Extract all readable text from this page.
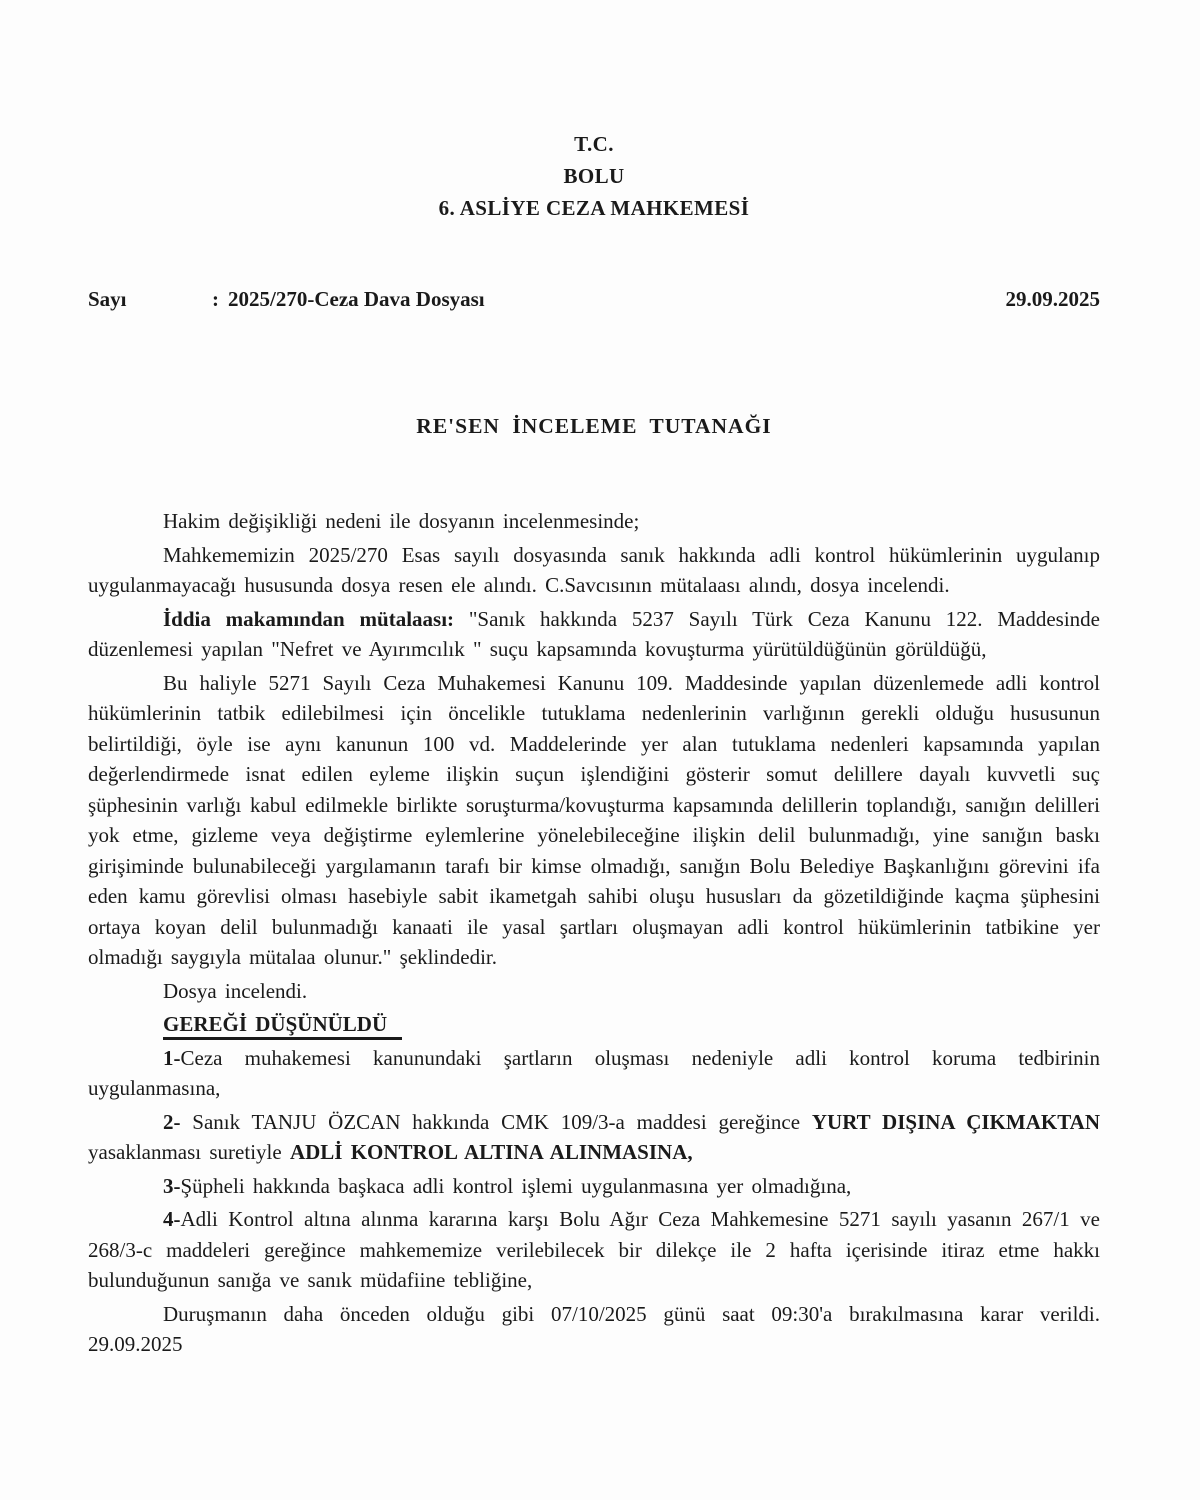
T.C.
BOLU
6. ASLİYE CEZA MAHKEMESİ
Sayı	: 2025/270-Ceza Dava Dosyası	29.09.2025
RE'SEN İNCELEME TUTANAĞI

Hakim değişikliği nedeni ile dosyanın incelenmesinde;

Mahkememizin 2025/270 Esas sayılı dosyasında sanık hakkında adli kontrol hükümlerinin uygulanıp uygulanmayacağı hususunda dosya resen ele alındı. C.Savcısının mütalaası alındı, dosya incelendi.

İddia makamından mütalaası: "Sanık hakkında 5237 Sayılı Türk Ceza Kanunu 122. Maddesinde düzenlemesi yapılan "Nefret ve Ayırımcılık " suçu kapsamında kovuşturma yürütüldüğünün görüldüğü,

Bu haliyle 5271 Sayılı Ceza Muhakemesi Kanunu 109. Maddesinde yapılan düzenlemede adli kontrol hükümlerinin tatbik edilebilmesi için öncelikle tutuklama nedenlerinin varlığının gerekli olduğu hususunun belirtildiği, öyle ise aynı kanunun 100 vd. Maddelerinde yer alan tutuklama nedenleri kapsamında yapılan değerlendirmede isnat edilen eyleme ilişkin suçun işlendiğini gösterir somut delillere dayalı kuvvetli suç şüphesinin varlığı kabul edilmekle birlikte soruşturma/kovuşturma kapsamında delillerin toplandığı, sanığın delilleri yok etme, gizleme veya değiştirme eylemlerine yönelebileceğine ilişkin delil bulunmadığı, yine sanığın baskı girişiminde bulunabileceği yargılamanın tarafı bir kimse olmadığı, sanığın Bolu Belediye Başkanlığını görevini ifa eden kamu görevlisi olması hasebiyle sabit ikametgah sahibi oluşu hususları da gözetildiğinde kaçma şüphesini ortaya koyan delil bulunmadığı kanaati ile yasal şartları oluşmayan adli kontrol hükümlerinin tatbikine yer olmadığı saygıyla mütalaa olunur." şeklindedir.

Dosya incelendi.

GEREĞİ DÜŞÜNÜLDÜ

1-Ceza muhakemesi kanunundaki şartların oluşması nedeniyle adli kontrol koruma tedbirinin uygulanmasına,

2- Sanık TANJU ÖZCAN hakkında CMK 109/3-a maddesi gereğince YURT DIŞINA ÇIKMAKTAN yasaklanması suretiyle ADLİ KONTROL ALTINA ALINMASINA,

3-Şüpheli hakkında başkaca adli kontrol işlemi uygulanmasına yer olmadığına,

4-Adli Kontrol altına alınma kararına karşı Bolu Ağır Ceza Mahkemesine 5271 sayılı yasanın 267/1 ve 268/3-c maddeleri gereğince mahkememize verilebilecek bir dilekçe ile 2 hafta içerisinde itiraz etme hakkı bulunduğunun sanığa ve sanık müdafiine tebliğine,

Duruşmanın daha önceden olduğu gibi 07/10/2025 günü saat 09:30'a bırakılmasına karar verildi. 29.09.2025
